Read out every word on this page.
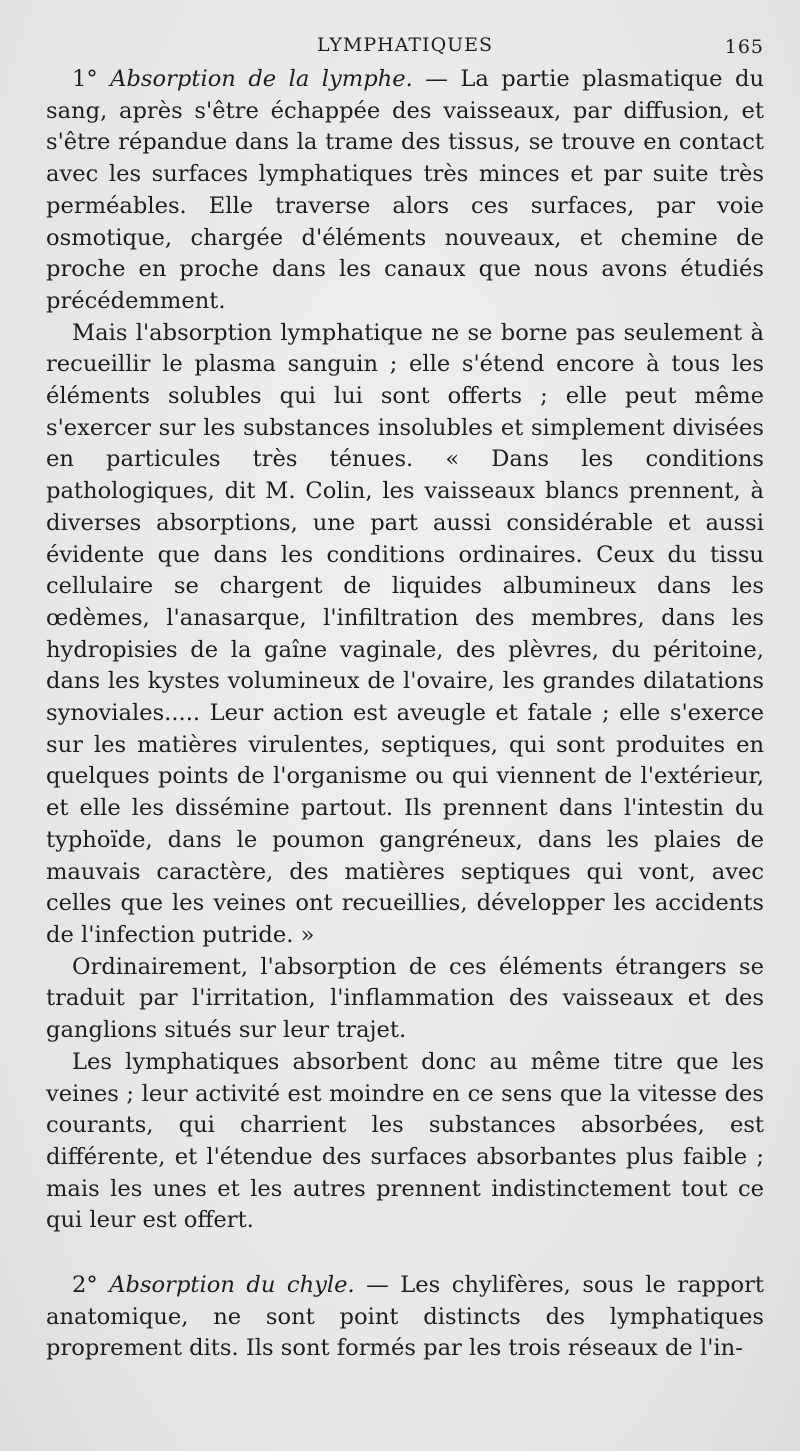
LYMPHATIQUES	165

1° Absorption de la lymphe. — La partie plasmatique du sang, après s'être échappée des vaisseaux, par diffusion, et s'être répandue dans la trame des tissus, se trouve en contact avec les surfaces lymphatiques très minces et par suite très perméables. Elle traverse alors ces surfaces, par voie osmotique, chargée d'éléments nouveaux, et chemine de proche en proche dans les canaux que nous avons étudiés précédemment.

Mais l'absorption lymphatique ne se borne pas seulement à recueillir le plasma sanguin ; elle s'étend encore à tous les éléments solubles qui lui sont offerts ; elle peut même s'exercer sur les substances insolubles et simplement divisées en particules très ténues. « Dans les conditions pathologiques, dit M. Colin, les vaisseaux blancs prennent, à diverses absorptions, une part aussi considérable et aussi évidente que dans les conditions ordinaires. Ceux du tissu cellulaire se chargent de liquides albumineux dans les œdèmes, l'anasarque, l'infiltration des membres, dans les hydropisies de la gaîne vaginale, des plèvres, du péritoine, dans les kystes volumineux de l'ovaire, les grandes dilatations synoviales..... Leur action est aveugle et fatale ; elle s'exerce sur les matières virulentes, septiques, qui sont produites en quelques points de l'organisme ou qui viennent de l'extérieur, et elle les dissémine partout. Ils prennent dans l'intestin du typhoïde, dans le poumon gangréneux, dans les plaies de mauvais caractère, des matières septiques qui vont, avec celles que les veines ont recueillies, développer les accidents de l'infection putride. »

Ordinairement, l'absorption de ces éléments étrangers se traduit par l'irritation, l'inflammation des vaisseaux et des ganglions situés sur leur trajet.

Les lymphatiques absorbent donc au même titre que les veines ; leur activité est moindre en ce sens que la vitesse des courants, qui charrient les substances absorbées, est différente, et l'étendue des surfaces absorbantes plus faible ; mais les unes et les autres prennent indistinctement tout ce qui leur est offert.

2° Absorption du chyle. — Les chylifères, sous le rapport anatomique, ne sont point distincts des lymphatiques proprement dits. Ils sont formés par les trois réseaux de l'in-
